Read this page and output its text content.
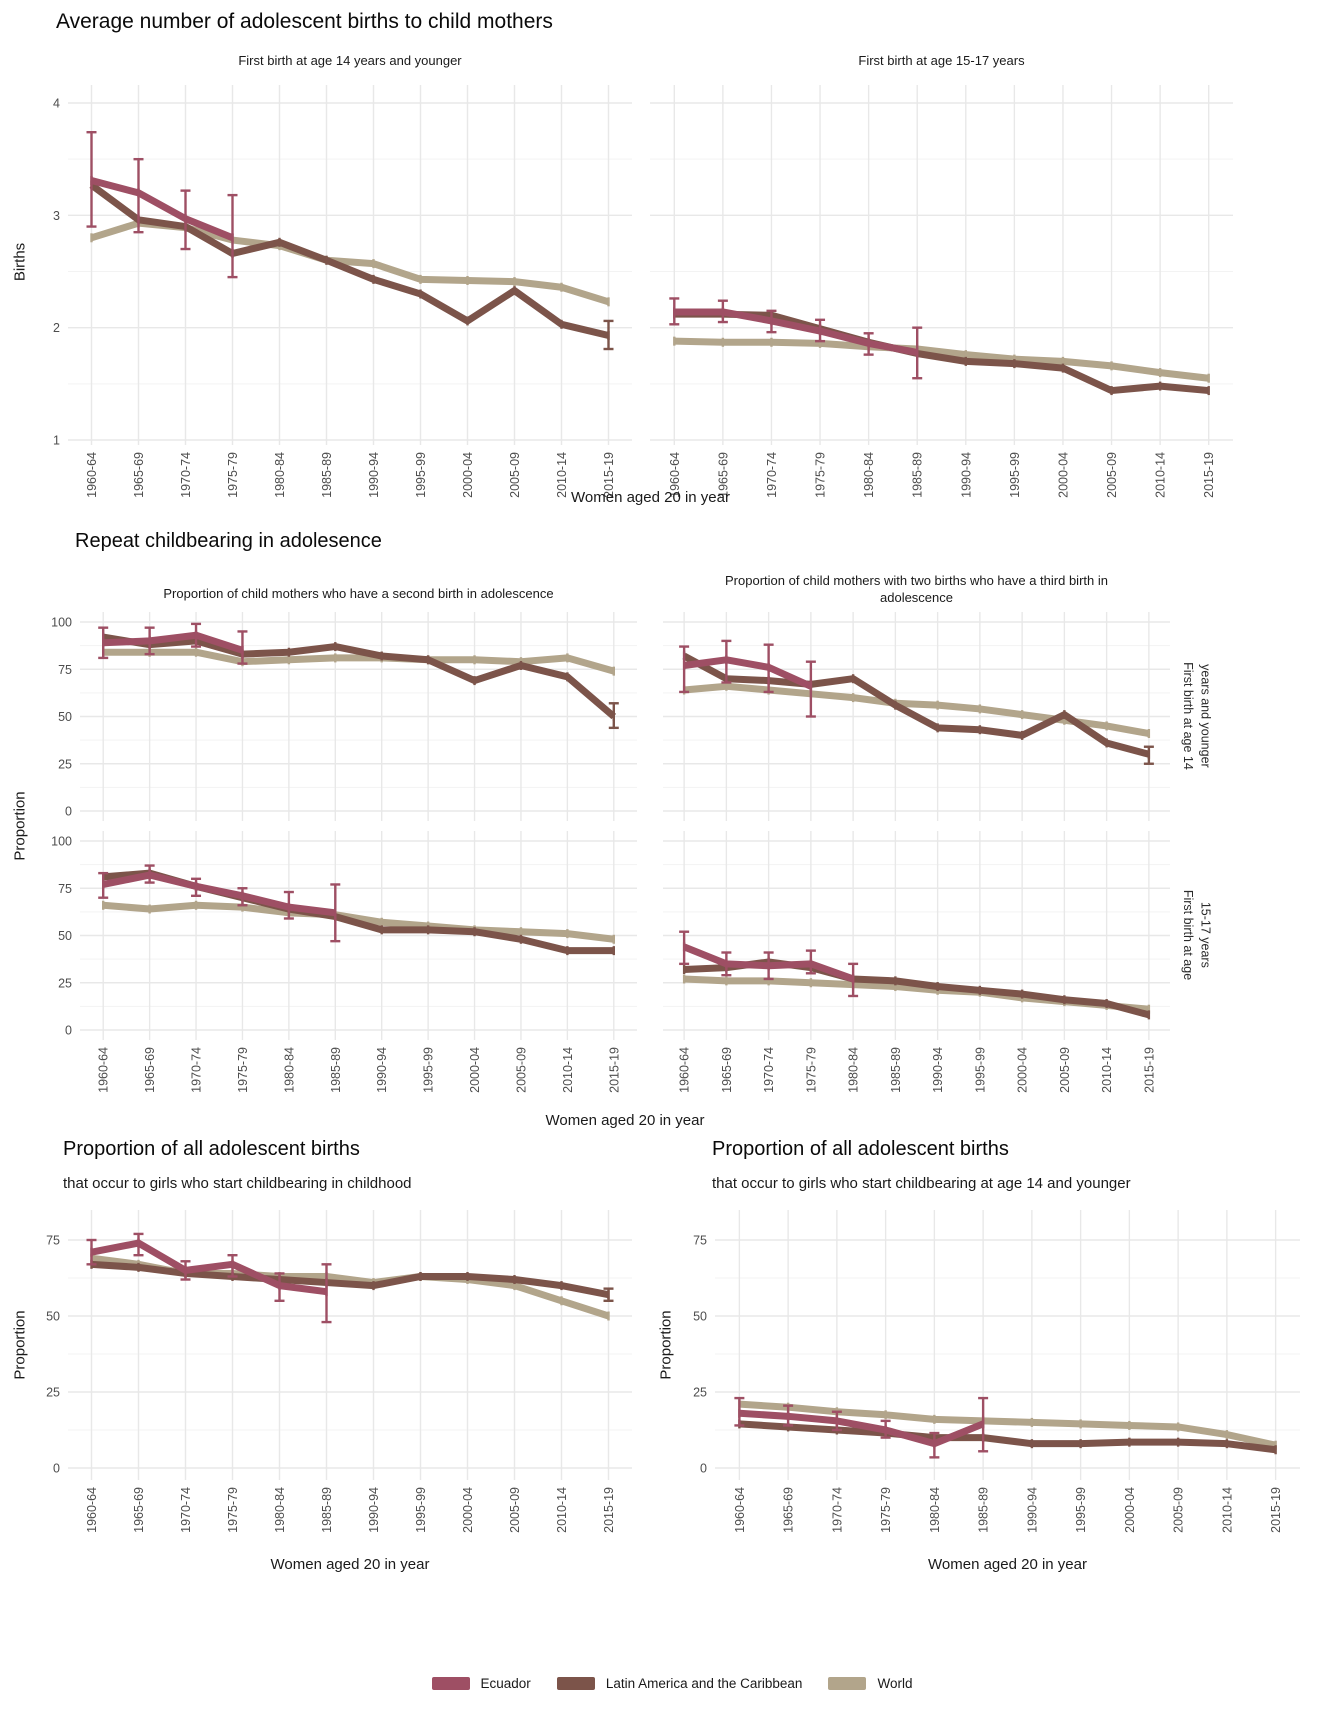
1
2
3
4
1960-64	1965-69	1970-74	1975-79	1980-84	1985-89	1990-94	1995-99	2000-04	2005-09	2010-14	2015-19	1960-64	1965-69	1970-74	1975-79	1980-84	1985-89	1990-94	1995-99	2000-04	2005-09	2010-14	2015-19
0
25
50
75
100
0
25
50
75
100
1960-64	1965-69	1970-74	1975-79	1980-84	1985-89	1990-94	1995-99	2000-04	2005-09	2010-14	2015-19	1960-64 1965-69 1970-74 1975-79 1980-84 1985-89 1990-94 1995-99 2000-04 2005-09 2010-14 2015-19
0
25
50
75
1960-64	1965-69	1970-74	1975-79	1980-84	1985-89	1990-94	1995-99	2000-04	2005-09	2010-14	2015-19
0
25
50
75
1960-64	1965-69	1970-74	1975-79	1980-84	1985-89	1990-94	1995-99	2000-04	2005-09	2010-14	2015-19
Average number of adolescent births to child mothers
First birth at age 14 years and younger	First birth at age 15-17 years
Births
Women aged 20 in year
Repeat childbearing in adolesence
Proportion of child mothers who have a second birth in adolescence
Proportion of child mothers with two births who have a third birth in
adolescence
First birth at age 14 years and younger
First birth at age 15-17 years
Proportion
Women aged 20 in year
Proportion of all adolescent births
that occur to girls who start childbearing in childhood
Proportion of all adolescent births
that occur to girls who start childbearing at age 14 and younger
Proportion	Proportion
Women aged 20 in year	Women aged 20 in year
Ecuador	Latin America and the Caribbean	World
